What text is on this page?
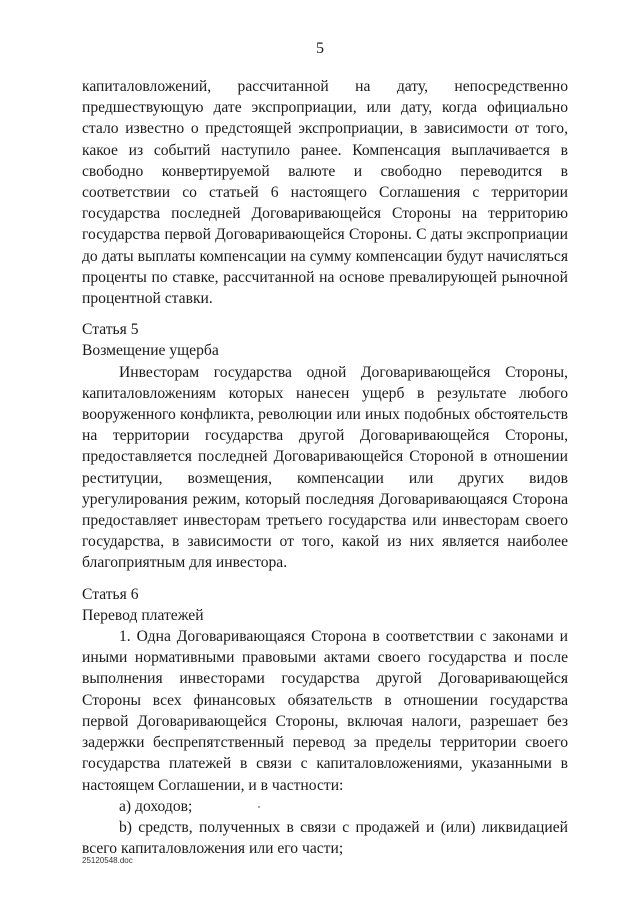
5

капиталовложений, рассчитанной на дату, непосредственно предшествующую дате экспроприации, или дату, когда официально стало известно о предстоящей экспроприации, в зависимости от того, какое из событий наступило ранее. Компенсация выплачивается в свободно конвертируемой валюте и свободно переводится в соответствии со статьей 6 настоящего Соглашения с территории государства последней Договаривающейся Стороны на территорию государства первой Договаривающейся Стороны. С даты экспроприации до даты выплаты компенсации на сумму компенсации будут начисляться проценты по ставке, рассчитанной на основе превалирующей рыночной процентной ставки.

Статья 5

Возмещение ущерба

Инвесторам государства одной Договаривающейся Стороны, капиталовложениям которых нанесен ущерб в результате любого вооруженного конфликта, революции или иных подобных обстоятельств на территории государства другой Договаривающейся Стороны, предоставляется последней Договаривающейся Стороной в отношении реституции, возмещения, компенсации или других видов урегулирования режим, который последняя Договаривающаяся Сторона предоставляет инвесторам третьего государства или инвесторам своего государства, в зависимости от того, какой из них является наиболее благоприятным для инвестора.

Статья 6

Перевод платежей

1. Одна Договаривающаяся Сторона в соответствии с законами и иными нормативными правовыми актами своего государства и после выполнения инвесторами государства другой Договаривающейся Стороны всех финансовых обязательств в отношении государства первой Договаривающейся Стороны, включая налоги, разрешает без задержки беспрепятственный перевод за пределы территории своего государства платежей в связи с капиталовложениями, указанными в настоящем Соглашении, и в частности:

a) доходов;

b) средств, полученных в связи с продажей и (или) ликвидацией всего капиталовложения или его части;

25120548.doc
